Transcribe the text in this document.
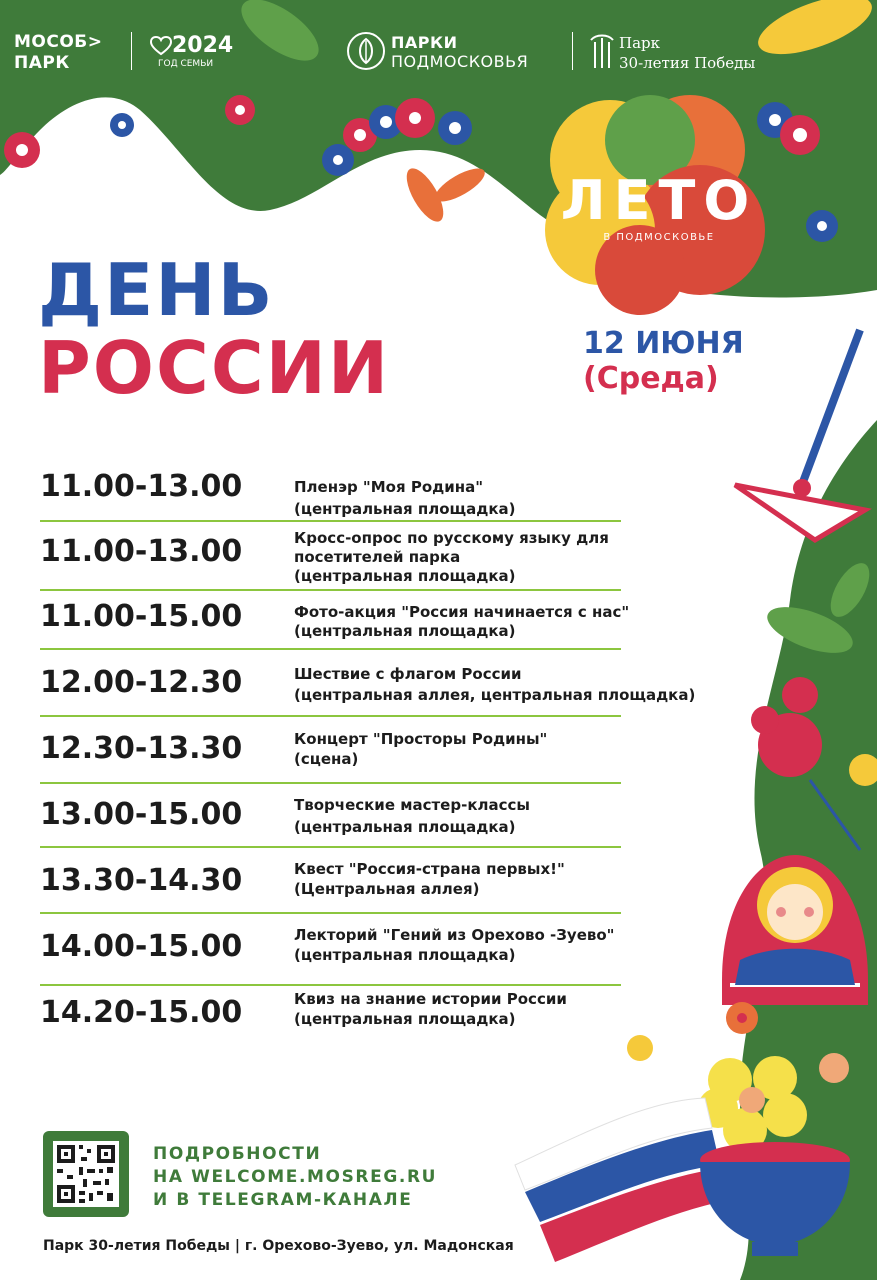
МОСОБ>
ПАРК
2024
ГОД СЕМЬИ
ПАРКИ
ПОДМОСКОВЬЯ
Парк
30-летия Победы
ЛЕТО
В ПОДМОСКОВЬЕ
ДЕНЬ
РОССИИ	12 ИЮНЯ
(Среда)
11.00-13.00	Пленэр "Моя Родина"
(центральная площадка)
11.00-13.00	Кросс-опрос по русскому языку для посетителей парка
(центральная площадка)
11.00-15.00	Фото-акция "Россия начинается с нас"
(центральная площадка)
12.00-12.30	Шествие с флагом России
(центральная аллея, центральная площадка)
12.30-13.30	Концерт "Просторы Родины"
(сцена)
13.00-15.00	Творческие мастер-классы
(центральная площадка)
13.30-14.30	Квест "Россия-страна первых!"
(Центральная аллея)
14.00-15.00	Лекторий "Гений из Орехово -Зуево"
(центральная площадка)
14.20-15.00	Квиз на знание истории России
(центральная площадка)
ПОДРОБНОСТИ
НА WELCOME.MOSREG.RU
И В TELEGRAM-КАНАЛЕ
Парк 30-летия Победы | г. Орехово-Зуево, ул. Мадонская
